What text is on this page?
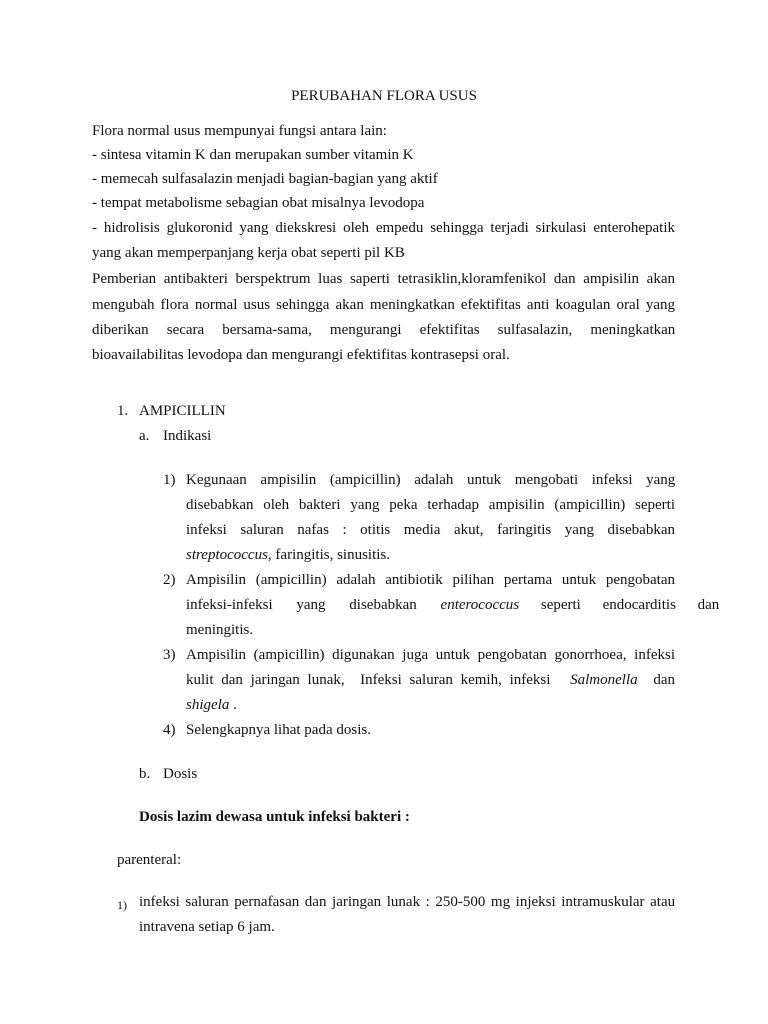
PERUBAHAN FLORA USUS
Flora normal usus mempunyai fungsi antara lain:
- sintesa vitamin K dan merupakan sumber vitamin K
- memecah sulfasalazin menjadi bagian-bagian yang aktif
- tempat metabolisme sebagian obat misalnya levodopa
- hidrolisis glukoronid yang diekskresi oleh empedu sehingga terjadi sirkulasi enterohepatik
yang akan memperpanjang kerja obat seperti pil KB
Pemberian antibakteri berspektrum luas saperti tetrasiklin,kloramfenikol dan ampisilin akan
mengubah flora normal usus sehingga akan meningkatkan efektifitas anti koagulan oral yang
diberikan secara bersama-sama, mengurangi efektifitas sulfasalazin, meningkatkan
bioavailabilitas levodopa dan mengurangi efektifitas kontrasepsi oral.
1. AMPICILLIN
a. Indikasi
1) Kegunaan ampisilin (ampicillin) adalah untuk mengobati infeksi yang
disebabkan oleh bakteri yang peka terhadap ampisilin (ampicillin) seperti
infeksi saluran nafas : otitis media akut, faringitis yang disebabkan
streptococcus, faringitis, sinusitis.
2) Ampisilin (ampicillin) adalah antibiotik pilihan pertama untuk pengobatan
infeksi-infeksi yang disebabkan enterococcus seperti endocarditis dan
meningitis.
3) Ampisilin (ampicillin) digunakan juga untuk pengobatan gonorrhoea, infeksi
kulit dan jaringan lunak,  Infeksi saluran kemih, infeksi Salmonella dan
shigela .
4) Selengkapnya lihat pada dosis.
b. Dosis
Dosis lazim dewasa untuk infeksi bakteri :
parenteral:
1) infeksi saluran pernafasan dan jaringan lunak : 250-500 mg injeksi intramuskular atau
intravena setiap 6 jam.
